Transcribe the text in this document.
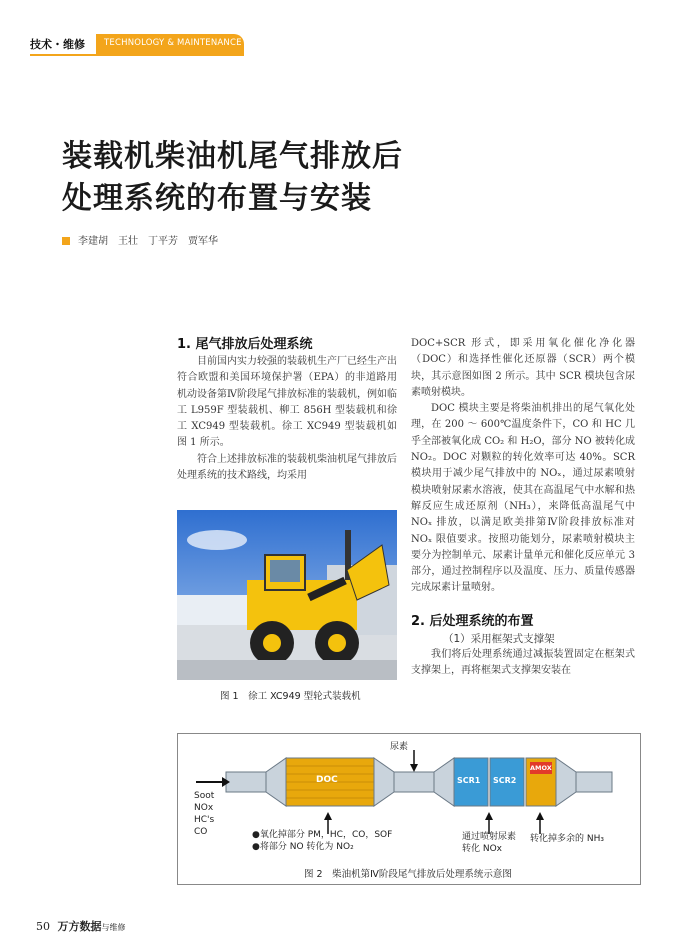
技术・维修 TECHNOLOGY & MAINTENANCE
装载机柴油机尾气排放后
处理系统的布置与安装
李建胡　王壮　丁平芳　贾军华
1. 尾气排放后处理系统

目前国内实力较强的装载机生产厂已经生产出符合欧盟和美国环境保护署（EPA）的非道路用机动设备第Ⅳ阶段尾气排放标准的装载机，例如临工 L959F 型装载机、柳工 856H 型装载机和徐工 XC949 型装载机。徐工 XC949 型装载机如图 1 所示。

符合上述排放标准的装载机柴油机尾气排放后处理系统的技术路线，均采用

图 1　徐工 XC949 型轮式装载机

DOC+SCR 形式，即采用氧化催化净化器（DOC）和选择性催化还原器（SCR）两个模块，其示意图如图 2 所示。其中 SCR 模块包含尿素喷射模块。

DOC 模块主要是将柴油机排出的尾气氧化处理，在 200 ～ 600℃温度条件下，CO 和 HC 几乎全部被氧化成 CO₂ 和 H₂O，部分 NO 被转化成 NO₂。DOC 对颗粒的转化效率可达 40%。SCR 模块用于减少尾气排放中的 NOₓ，通过尿素喷射模块喷射尿素水溶液，使其在高温尾气中水解和热解反应生成还原剂（NH₃），来降低高温尾气中 NOₓ 排放，以满足欧美排第Ⅳ阶段排放标准对 NOₓ 限值要求。按照功能划分，尿素喷射模块主要分为控制单元、尿素计量单元和催化反应单元 3 部分，通过控制程序以及温度、压力、质量传感器完成尿素计量喷射。

2. 后处理系统的布置
（1）采用框架式支撑架

我们将后处理系统通过减振装置固定在框架式支撑架上，再将框架式支撑架安装在

尿素
Soot
NOx
HC's
CO
DOC	SCR1 SCR2
AMOX
●氧化掉部分 PM，HC，CO，SOF
●将部分 NO 转化为 NO₂
通过喷射尿素
转化 NOx
转化掉多余的 NH₃
图 2　柴油机第Ⅳ阶段尾气排放后处理系统示意图
50 万方数据与维修
